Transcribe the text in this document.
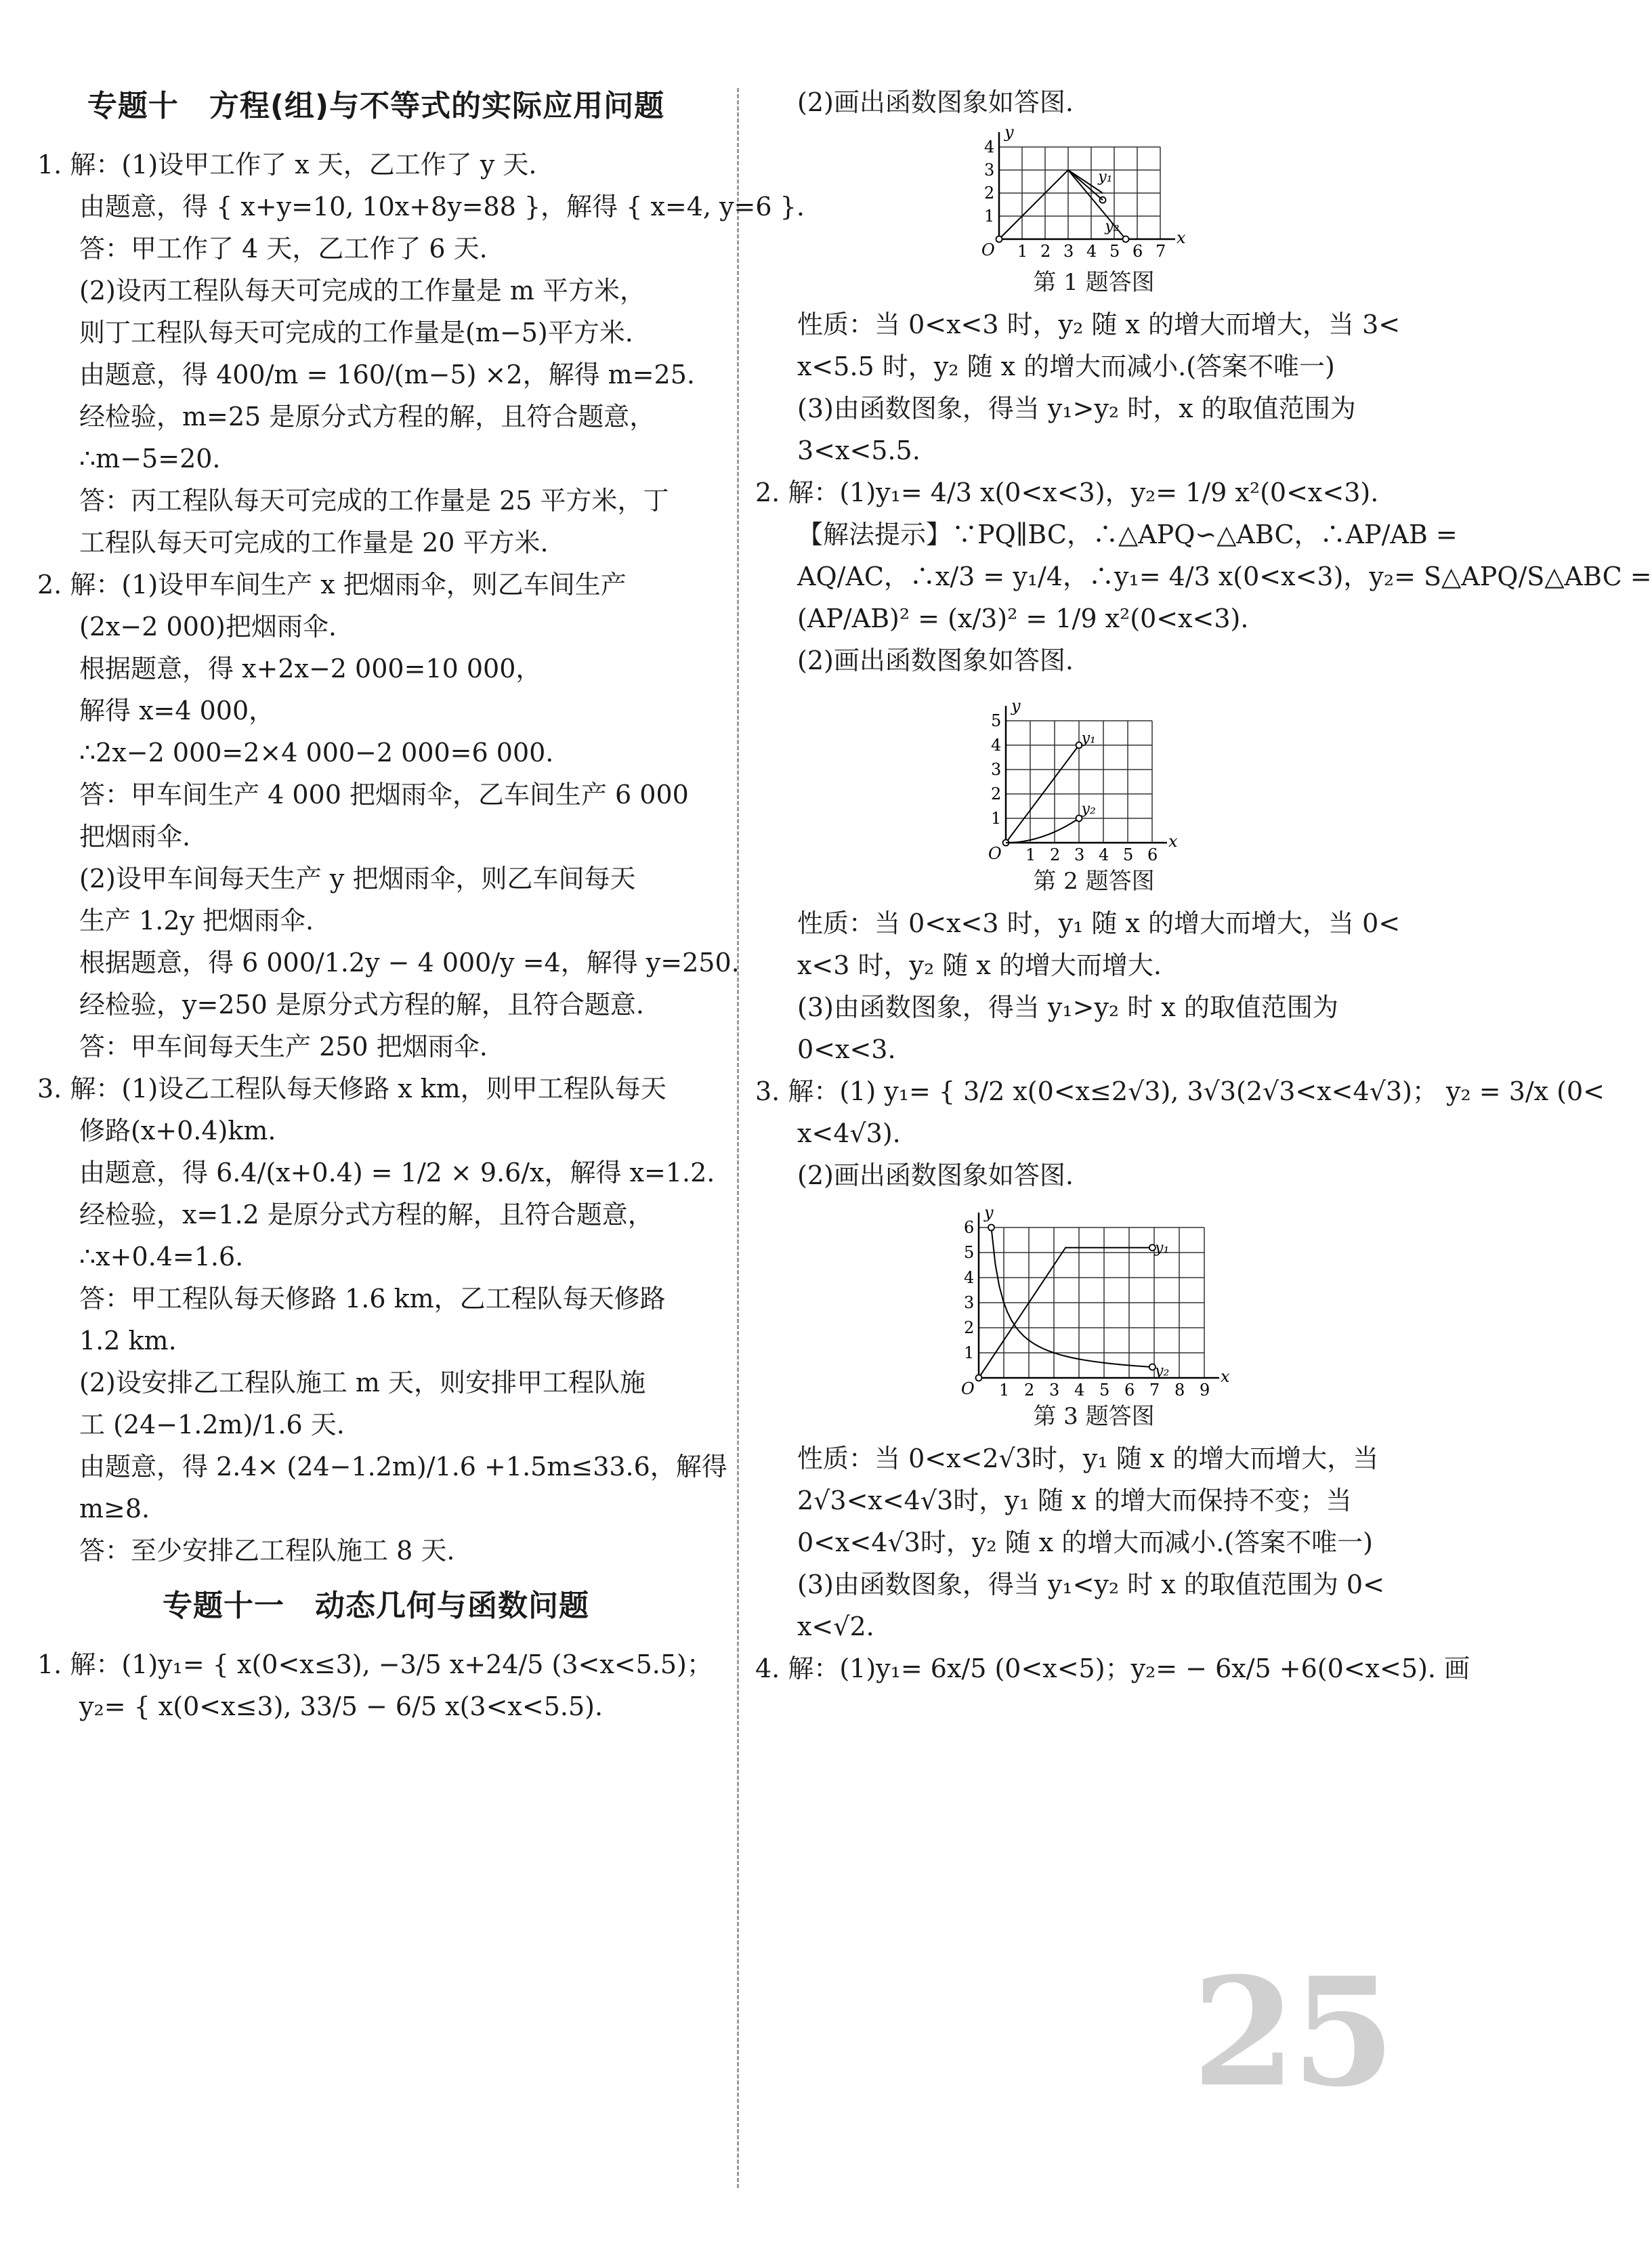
专题十　方程(组)与不等式的实际应用问题

1. 解：(1)设甲工作了 x 天，乙工作了 y 天.

由题意，得 { x+y=10, 10x+8y=88 }，解得 { x=4, y=6 }.

答：甲工作了 4 天，乙工作了 6 天.

(2)设丙工程队每天可完成的工作量是 m 平方米，

则丁工程队每天可完成的工作量是(m−5)平方米.

由题意，得 400/m = 160/(m−5) ×2，解得 m=25.

经检验，m=25 是原分式方程的解，且符合题意，

∴m−5=20.

答：丙工程队每天可完成的工作量是 25 平方米，丁

工程队每天可完成的工作量是 20 平方米.

2. 解：(1)设甲车间生产 x 把烟雨伞，则乙车间生产

(2x−2 000)把烟雨伞.

根据题意，得 x+2x−2 000=10 000，

解得 x=4 000，

∴2x−2 000=2×4 000−2 000=6 000.

答：甲车间生产 4 000 把烟雨伞，乙车间生产 6 000

把烟雨伞.

(2)设甲车间每天生产 y 把烟雨伞，则乙车间每天

生产 1.2y 把烟雨伞.

根据题意，得 6 000/1.2y − 4 000/y =4，解得 y=250.

经检验，y=250 是原分式方程的解，且符合题意.

答：甲车间每天生产 250 把烟雨伞.

3. 解：(1)设乙工程队每天修路 x km，则甲工程队每天

修路(x+0.4)km.

由题意，得 6.4/(x+0.4) = 1/2 × 9.6/x，解得 x=1.2.

经检验，x=1.2 是原分式方程的解，且符合题意，

∴x+0.4=1.6.

答：甲工程队每天修路 1.6 km，乙工程队每天修路

1.2 km.

(2)设安排乙工程队施工 m 天，则安排甲工程队施

工 (24−1.2m)/1.6 天.

由题意，得 2.4× (24−1.2m)/1.6 +1.5m≤33.6，解得

m≥8.

答：至少安排乙工程队施工 8 天.

专题十一　动态几何与函数问题

1. 解：(1)y₁= { x(0<x≤3), −3/5 x+24/5 (3<x<5.5)；

y₂= { x(0<x≤3), 33/5 − 6/5 x(3<x<5.5).

(2)画出函数图象如答图.

x
y
O 1 2 3 4 5 6 7
1
2
3
4
y₁
y₂
第 1 题答图

性质：当 0<x<3 时，y₂ 随 x 的增大而增大，当 3<

x<5.5 时，y₂ 随 x 的增大而减小.(答案不唯一)

(3)由函数图象，得当 y₁>y₂ 时，x 的取值范围为

3<x<5.5.

2. 解：(1)y₁= 4/3 x(0<x<3)，y₂= 1/9 x²(0<x<3).

【解法提示】∵PQ∥BC，∴△APQ∽△ABC，∴AP/AB =

AQ/AC，∴x/3 = y₁/4，∴y₁= 4/3 x(0<x<3)，y₂= S△APQ/S△ABC =

(AP/AB)² = (x/3)² = 1/9 x²(0<x<3).

(2)画出函数图象如答图.

x
y
O 1 2 3 4 5 6
1
2
3
4
5
y₁
y₂
第 2 题答图

性质：当 0<x<3 时，y₁ 随 x 的增大而增大，当 0<

x<3 时，y₂ 随 x 的增大而增大.

(3)由函数图象，得当 y₁>y₂ 时 x 的取值范围为

0<x<3.

3. 解：(1) y₁= { 3/2 x(0<x≤2√3), 3√3(2√3<x<4√3)； y₂ = 3/x (0<

x<4√3).

(2)画出函数图象如答图.

x
y
O 1 2 3 4 5 6 7 8 9
1
2
3
4
5
6
y₁
y₂
第 3 题答图

性质：当 0<x<2√3时，y₁ 随 x 的增大而增大，当

2√3<x<4√3时，y₁ 随 x 的增大而保持不变；当

0<x<4√3时，y₂ 随 x 的增大而减小.(答案不唯一)

(3)由函数图象，得当 y₁<y₂ 时 x 的取值范围为 0<

x<√2.

4. 解：(1)y₁= 6x/5 (0<x<5)；y₂= − 6x/5 +6(0<x<5). 画

25
